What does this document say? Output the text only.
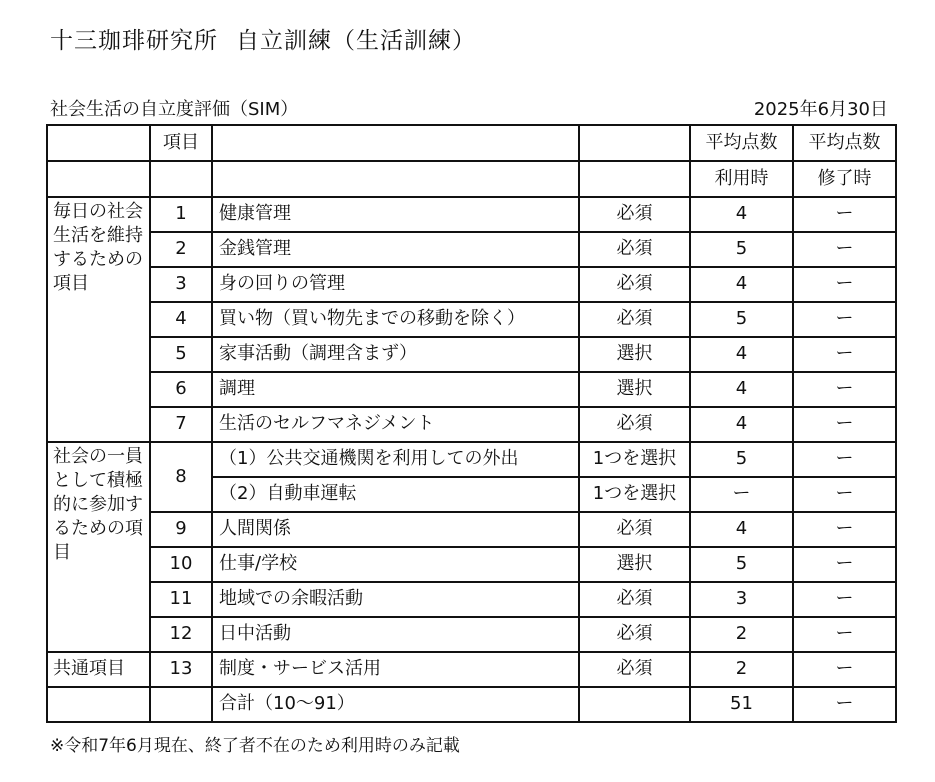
十三珈琲研究所 自立訓練（生活訓練）
社会生活の自立度評価（SIM）	2025年6月30日
	項目			平均点数	平均点数
				利用時	修了時
毎日の社会生活を維持するための項目	1	健康管理	必須	4	ー
	2	金銭管理	必須	5	ー
	3	身の回りの管理	必須	4	ー
	4	買い物（買い物先までの移動を除く）	必須	5	ー
	5	家事活動（調理含まず）	選択	4	ー
	6	調理	選択	4	ー
	7	生活のセルフマネジメント	必須	4	ー
社会の一員として積極的に参加するための項目	8	（1）公共交通機関を利用しての外出	1つを選択	5	ー
		（2）自動車運転	1つを選択	ー	ー
	9	人間関係	必須	4	ー
	10	仕事/学校	選択	5	ー
	11	地域での余暇活動	必須	3	ー
	12	日中活動	必須	2	ー
共通項目	13	制度・サービス活用	必須	2	ー
		合計（10〜91）		51	ー
※令和7年6月現在、終了者不在のため利用時のみ記載
